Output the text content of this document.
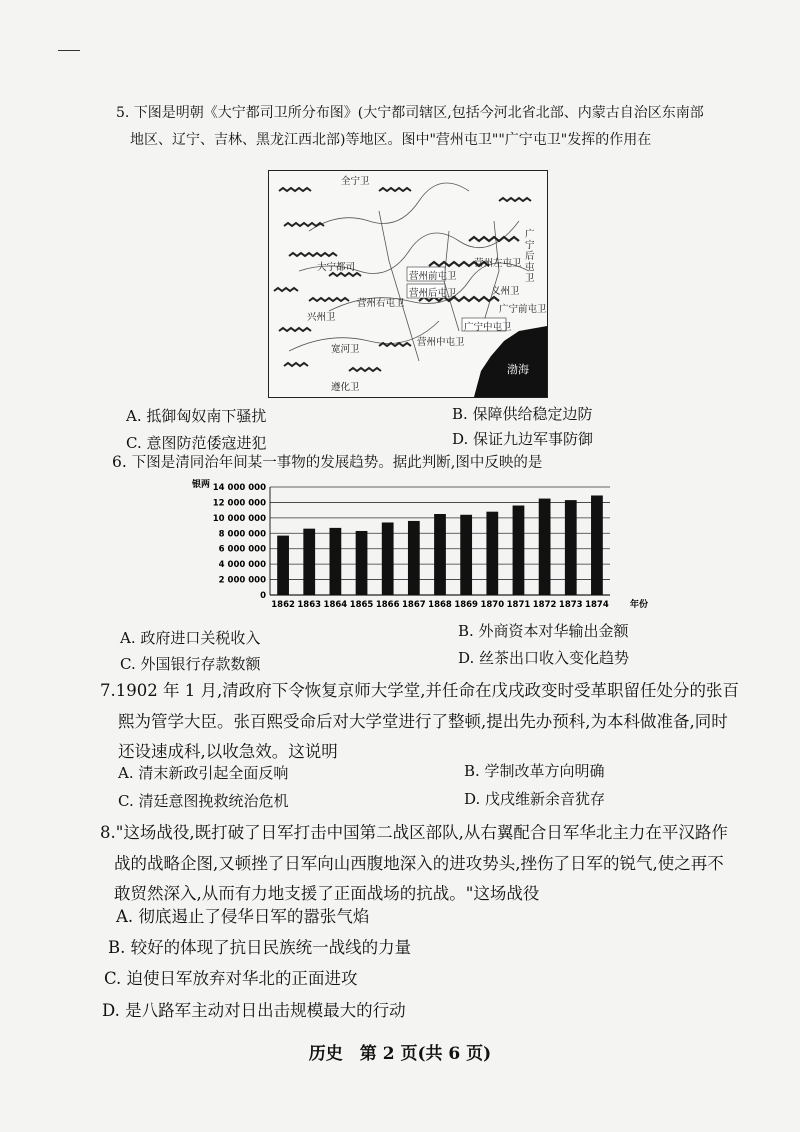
5. 下图是明朝《大宁都司卫所分布图》(大宁都司辖区,包括今河北省北部、内蒙古自治区东南部
地区、辽宁、吉林、黑龙江西北部)等地区。图中"营州屯卫""广宁屯卫"发挥的作用在
全宁卫
大宁都司	营州左屯卫
营州前屯卫
营州后屯卫
营州右屯卫
营州中屯卫
义州卫
广宁前屯卫
广宁中屯卫
广宁后屯卫
兴州卫
宽河卫
遵化卫
渤海
A. 抵御匈奴南下骚扰	B. 保障供给稳定边防
C. 意图防范倭寇进犯	D. 保证九边军事防御
6. 下图是清同治年间某一事物的发展趋势。据此判断,图中反映的是
银两
0
2 000 000
4 000 000
6 000 000
8 000 000
10 000 000
12 000 000
14 000 000
1862 1863 1864 1865 1866 1867 1868 1869 1870 1871 1872 1873 1874 年份
A. 政府进口关税收入	B. 外商资本对华输出金额
C. 外国银行存款数额	D. 丝茶出口收入变化趋势
7.1902 年 1 月,清政府下令恢复京师大学堂,并任命在戊戌政变时受革职留任处分的张百
熙为管学大臣。张百熙受命后对大学堂进行了整顿,提出先办预科,为本科做准备,同时
还设速成科,以收急效。这说明
A. 清末新政引起全面反响	B. 学制改革方向明确
C. 清廷意图挽救统治危机	D. 戊戌维新余音犹存
8."这场战役,既打破了日军打击中国第二战区部队,从右翼配合日军华北主力在平汉路作
战的战略企图,又顿挫了日军向山西腹地深入的进攻势头,挫伤了日军的锐气,使之再不
敢贸然深入,从而有力地支援了正面战场的抗战。"这场战役
A. 彻底遏止了侵华日军的嚣张气焰
B. 较好的体现了抗日民族统一战线的力量
C. 迫使日军放弃对华北的正面进攻
D. 是八路军主动对日出击规模最大的行动
历史　第 2 页(共 6 页)
